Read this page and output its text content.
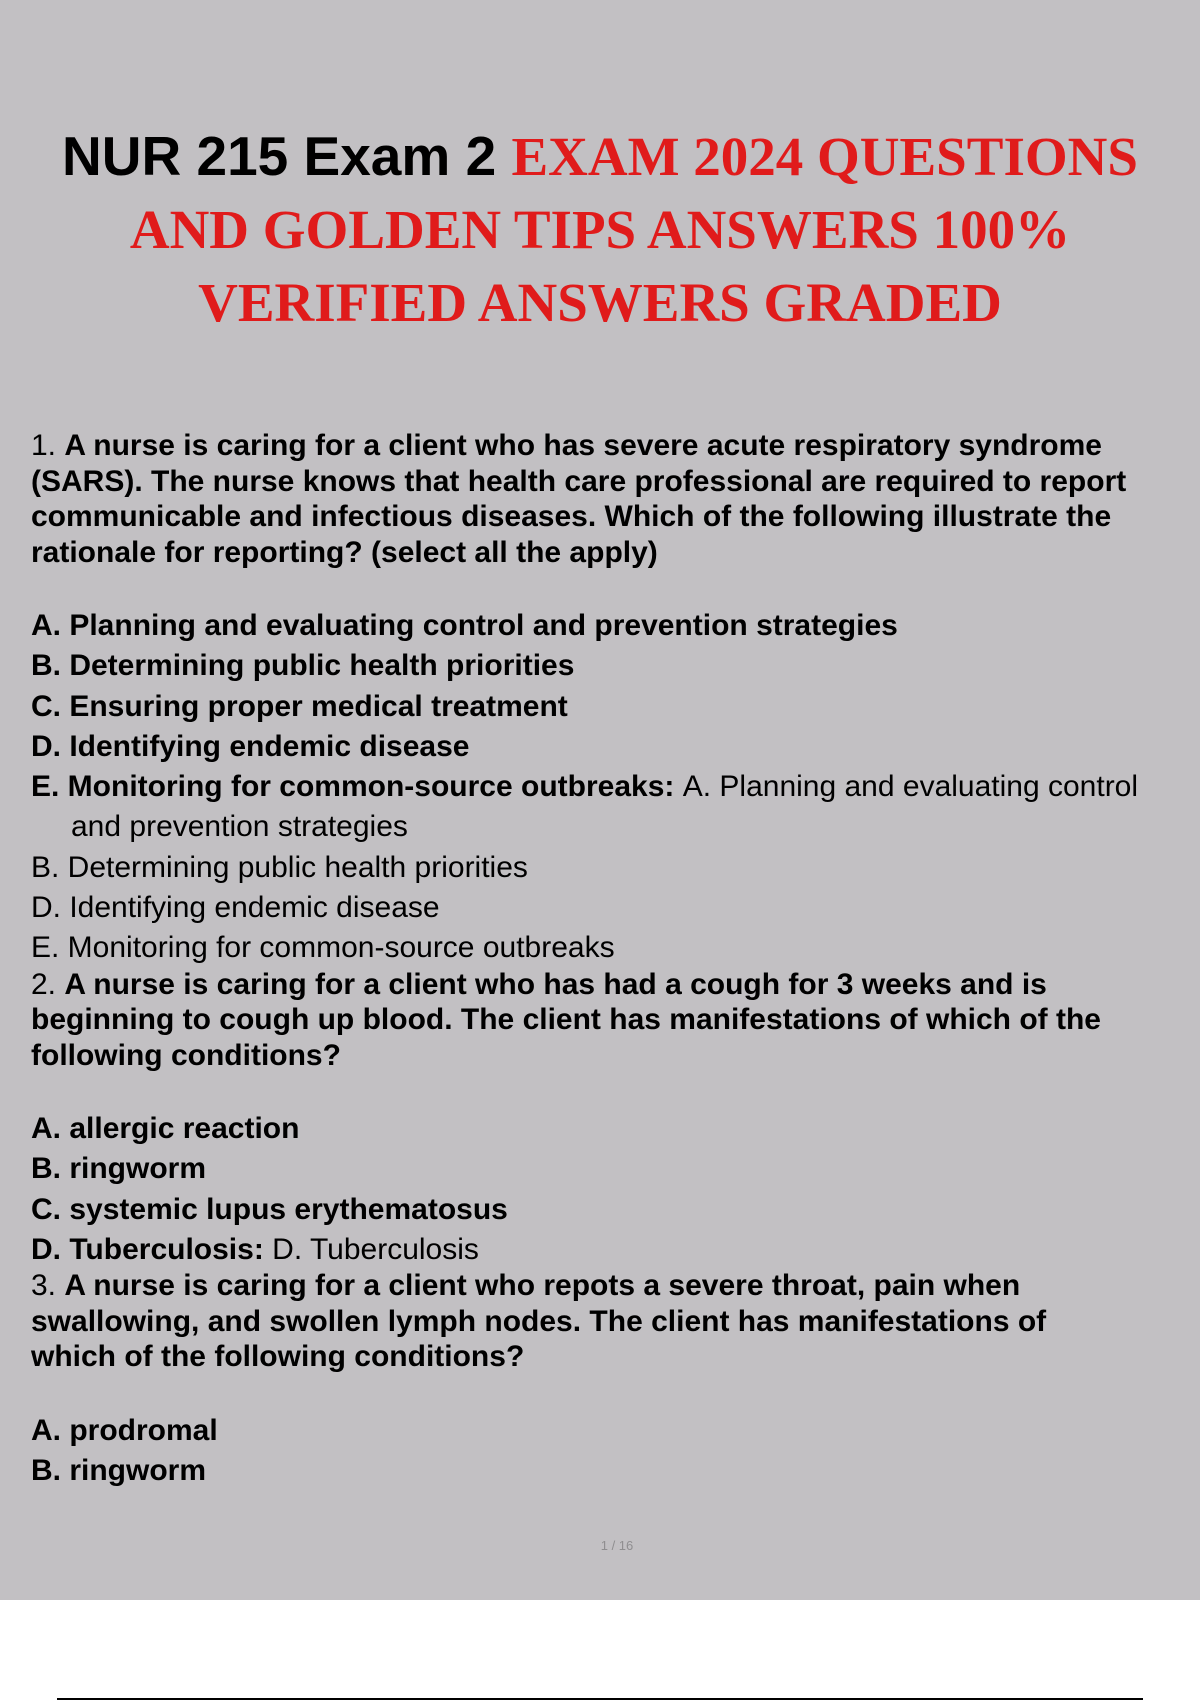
NUR 215 Exam 2 EXAM 2024 QUESTIONS
AND GOLDEN TIPS ANSWERS 100%
VERIFIED ANSWERS GRADED
1. A nurse is caring for a client who has severe acute respiratory syndrome
(SARS). The nurse knows that health care professional are required to report
communicable and infectious diseases. Which of the following illustrate the
rationale for reporting? (select all the apply)
A. Planning and evaluating control and prevention strategies
B. Determining public health priorities
C. Ensuring proper medical treatment
D. Identifying endemic disease
E. Monitoring for common-source outbreaks: A. Planning and evaluating control
and prevention strategies
B. Determining public health priorities
D. Identifying endemic disease
E. Monitoring for common-source outbreaks
2. A nurse is caring for a client who has had a cough for 3 weeks and is
beginning to cough up blood. The client has manifestations of which of the
following conditions?
A. allergic reaction
B. ringworm
C. systemic lupus erythematosus
D. Tuberculosis: D. Tuberculosis
3. A nurse is caring for a client who repots a severe throat, pain when
swallowing, and swollen lymph nodes. The client has manifestations of
which of the following conditions?
A. prodromal
B. ringworm
1 / 16
